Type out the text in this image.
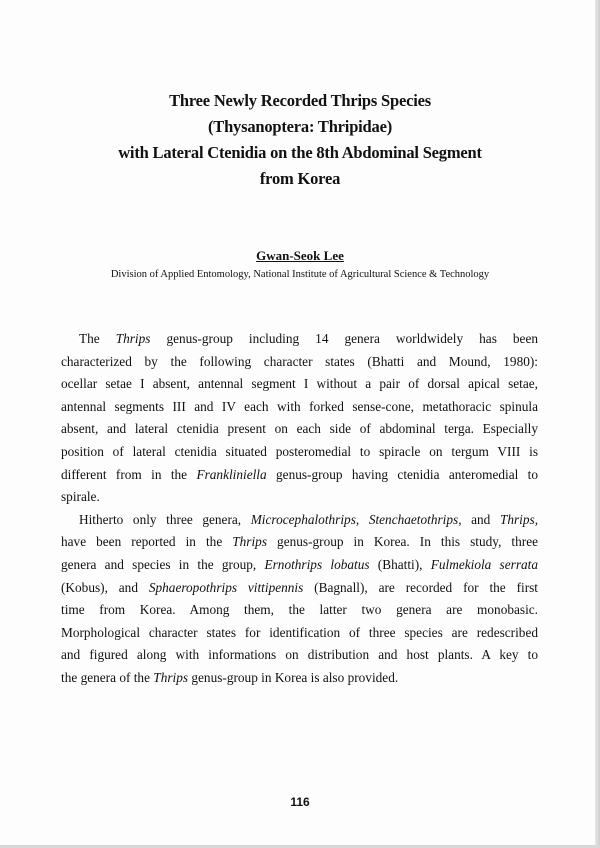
Three Newly Recorded Thrips Species
(Thysanoptera: Thripidae)
with Lateral Ctenidia on the 8th Abdominal Segment
from Korea
Gwan-Seok Lee
Division of Applied Entomology, National Institute of Agricultural Science & Technology
The Thrips genus-group including 14 genera worldwidely has been
characterized by the following character states (Bhatti and Mound, 1980):
ocellar setae I absent, antennal segment I without a pair of dorsal apical setae,
antennal segments III and IV each with forked sense-cone, metathoracic spinula
absent, and lateral ctenidia present on each side of abdominal terga. Especially
position of lateral ctenidia situated posteromedial to spiracle on tergum VIII is
different from in the Frankliniella genus-group having ctenidia anteromedial to
spirale.
Hitherto only three genera, Microcephalothrips, Stenchaetothrips, and Thrips,
have been reported in the Thrips genus-group in Korea. In this study, three
genera and species in the group, Ernothrips lobatus (Bhatti), Fulmekiola serrata
(Kobus), and Sphaeropothrips vittipennis (Bagnall), are recorded for the first
time from Korea. Among them, the latter two genera are monobasic.
Morphological character states for identification of three species are redescribed
and figured along with informations on distribution and host plants. A key to
the genera of the Thrips genus-group in Korea is also provided.
116
